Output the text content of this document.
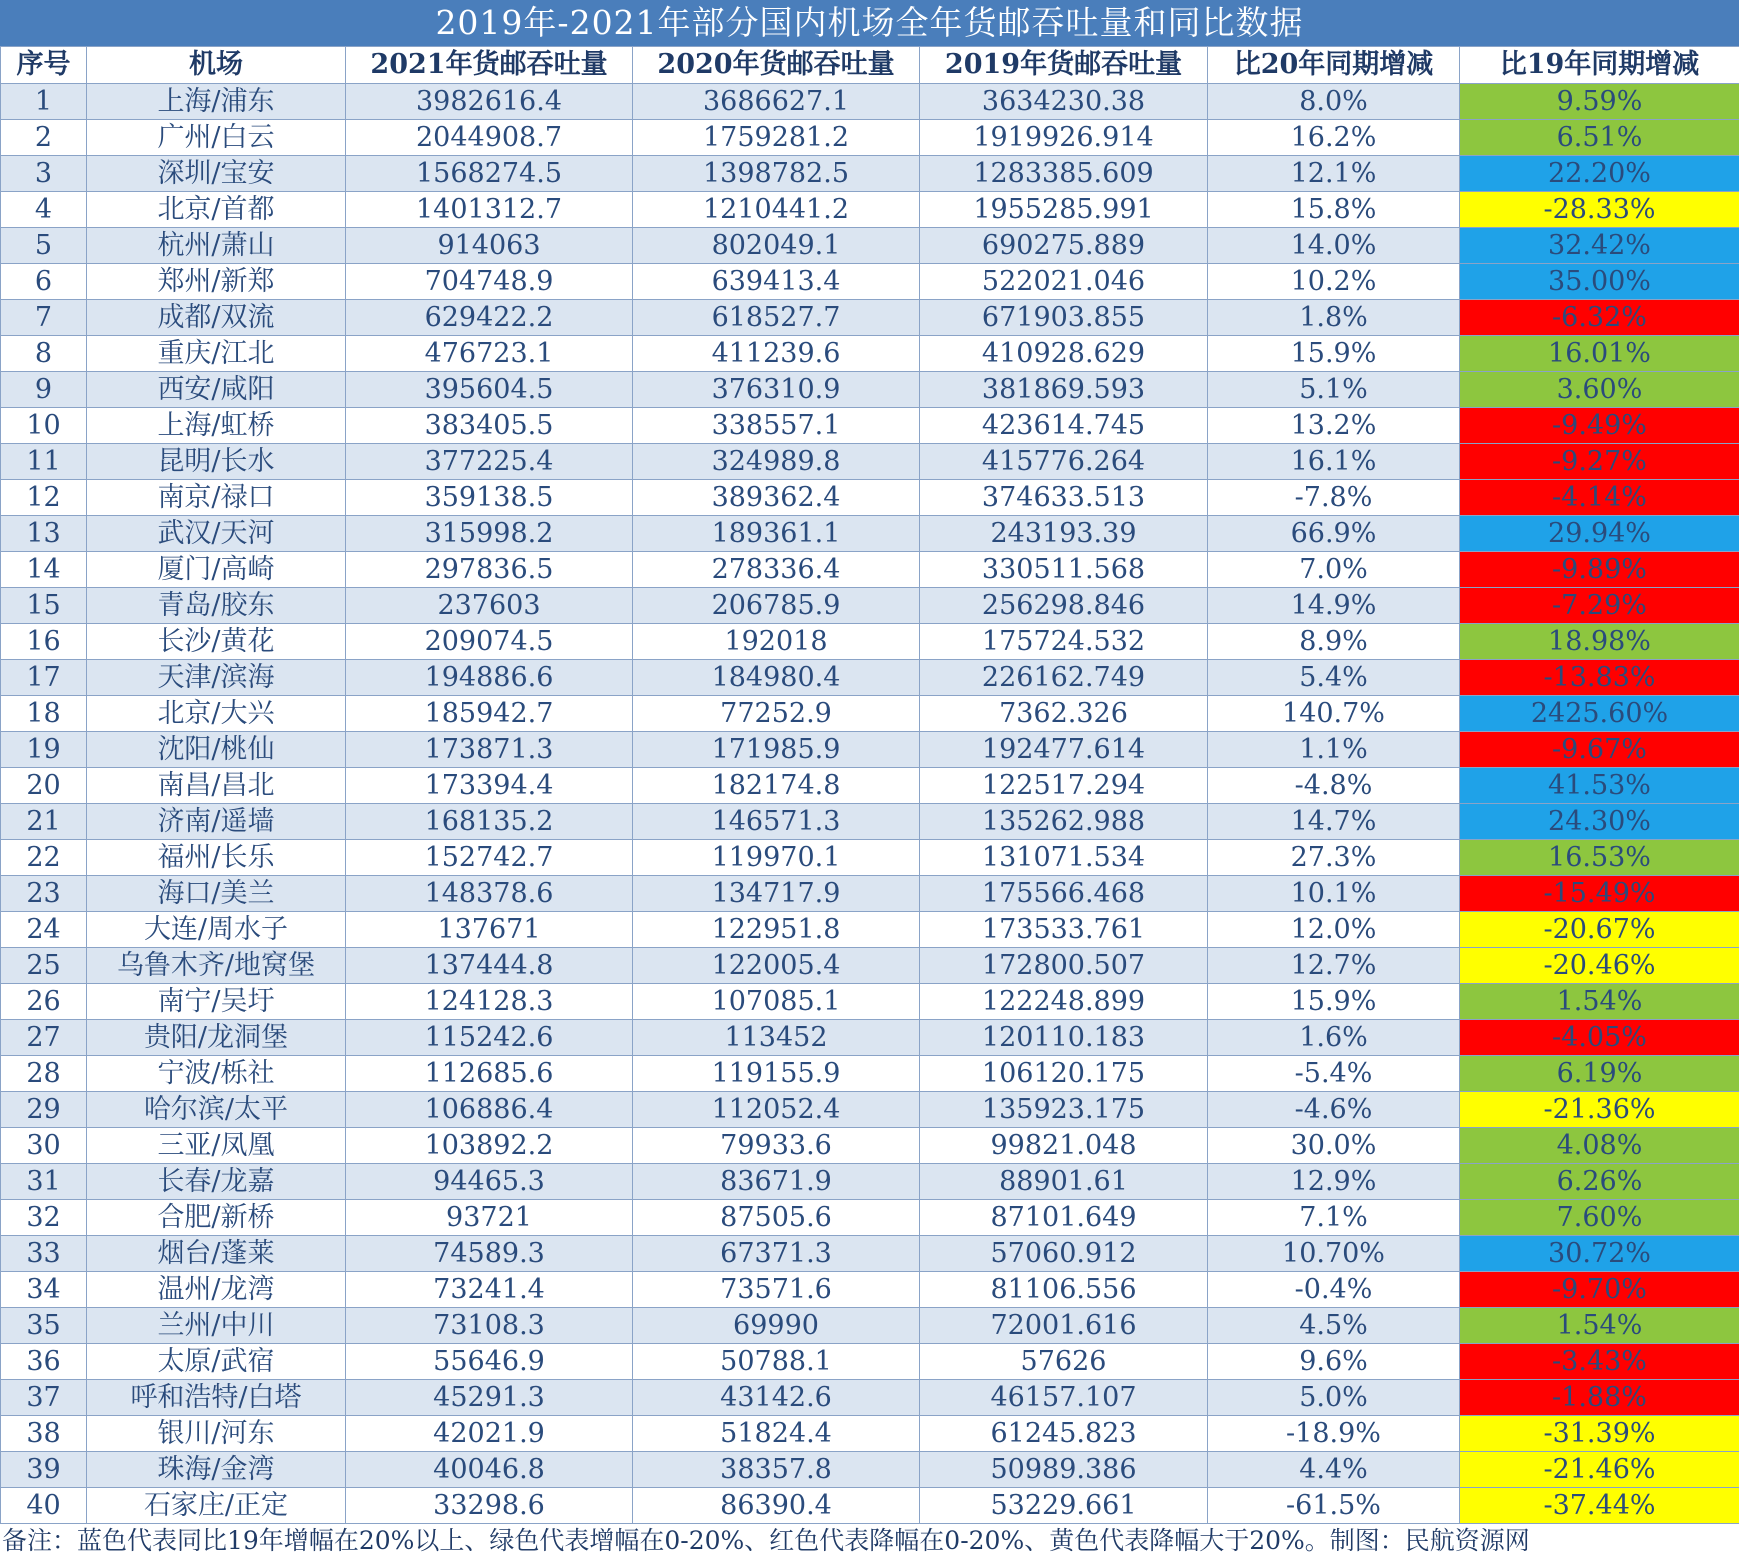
2019年-2021年部分国内机场全年货邮吞吐量和同比数据
序号	机场	2021年货邮吞吐量	2020年货邮吞吐量	2019年货邮吞吐量	比20年同期增减	比19年同期增减
1	上海/浦东	3982616.4	3686627.1	3634230.38	8.0%	9.59%
2	广州/白云	2044908.7	1759281.2	1919926.914	16.2%	6.51%
3	深圳/宝安	1568274.5	1398782.5	1283385.609	12.1%	22.20%
4	北京/首都	1401312.7	1210441.2	1955285.991	15.8%	-28.33%
5	杭州/萧山	914063	802049.1	690275.889	14.0%	32.42%
6	郑州/新郑	704748.9	639413.4	522021.046	10.2%	35.00%
7	成都/双流	629422.2	618527.7	671903.855	1.8%	-6.32%
8	重庆/江北	476723.1	411239.6	410928.629	15.9%	16.01%
9	西安/咸阳	395604.5	376310.9	381869.593	5.1%	3.60%
10	上海/虹桥	383405.5	338557.1	423614.745	13.2%	-9.49%
11	昆明/长水	377225.4	324989.8	415776.264	16.1%	-9.27%
12	南京/禄口	359138.5	389362.4	374633.513	-7.8%	-4.14%
13	武汉/天河	315998.2	189361.1	243193.39	66.9%	29.94%
14	厦门/高崎	297836.5	278336.4	330511.568	7.0%	-9.89%
15	青岛/胶东	237603	206785.9	256298.846	14.9%	-7.29%
16	长沙/黄花	209074.5	192018	175724.532	8.9%	18.98%
17	天津/滨海	194886.6	184980.4	226162.749	5.4%	-13.83%
18	北京/大兴	185942.7	77252.9	7362.326	140.7%	2425.60%
19	沈阳/桃仙	173871.3	171985.9	192477.614	1.1%	-9.67%
20	南昌/昌北	173394.4	182174.8	122517.294	-4.8%	41.53%
21	济南/遥墙	168135.2	146571.3	135262.988	14.7%	24.30%
22	福州/长乐	152742.7	119970.1	131071.534	27.3%	16.53%
23	海口/美兰	148378.6	134717.9	175566.468	10.1%	-15.49%
24	大连/周水子	137671	122951.8	173533.761	12.0%	-20.67%
25	乌鲁木齐/地窝堡	137444.8	122005.4	172800.507	12.7%	-20.46%
26	南宁/吴圩	124128.3	107085.1	122248.899	15.9%	1.54%
27	贵阳/龙洞堡	115242.6	113452	120110.183	1.6%	-4.05%
28	宁波/栎社	112685.6	119155.9	106120.175	-5.4%	6.19%
29	哈尔滨/太平	106886.4	112052.4	135923.175	-4.6%	-21.36%
30	三亚/凤凰	103892.2	79933.6	99821.048	30.0%	4.08%
31	长春/龙嘉	94465.3	83671.9	88901.61	12.9%	6.26%
32	合肥/新桥	93721	87505.6	87101.649	7.1%	7.60%
33	烟台/蓬莱	74589.3	67371.3	57060.912	10.70%	30.72%
34	温州/龙湾	73241.4	73571.6	81106.556	-0.4%	-9.70%
35	兰州/中川	73108.3	69990	72001.616	4.5%	1.54%
36	太原/武宿	55646.9	50788.1	57626	9.6%	-3.43%
37	呼和浩特/白塔	45291.3	43142.6	46157.107	5.0%	-1.88%
38	银川/河东	42021.9	51824.4	61245.823	-18.9%	-31.39%
39	珠海/金湾	40046.8	38357.8	50989.386	4.4%	-21.46%
40	石家庄/正定	33298.6	86390.4	53229.661	-61.5%	-37.44%
备注：蓝色代表同比19年增幅在20%以上、绿色代表增幅在0-20%、红色代表降幅在0-20%、黄色代表降幅大于20%。制图：民航资源网
